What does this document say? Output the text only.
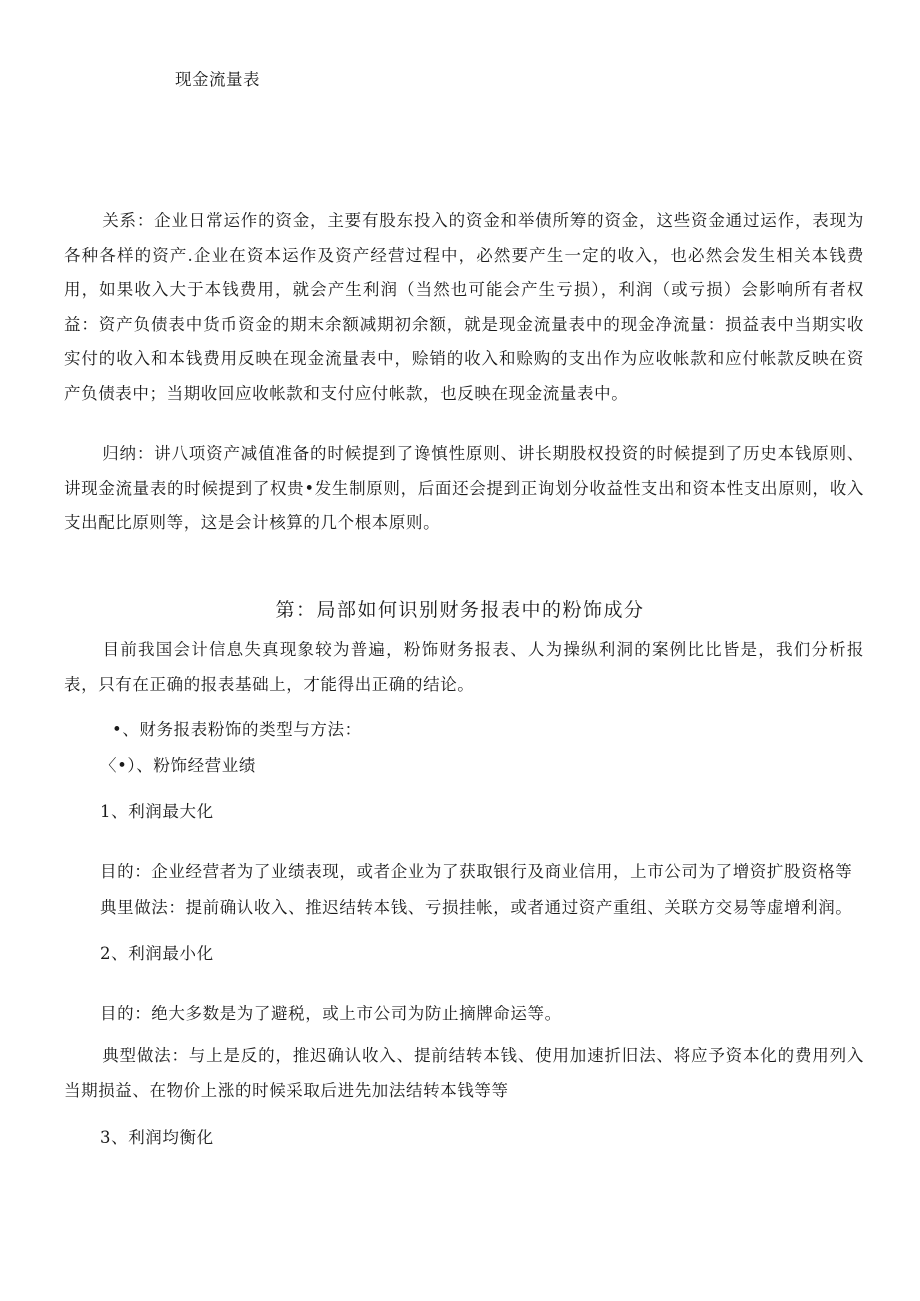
现金流量表

关系：企业日常运作的资金，主要有股东投入的资金和举债所筹的资金，这些资金通过运作，表现为各种各样的资产.企业在资本运作及资产经营过程中，必然要产生一定的收入，也必然会发生相关本钱费用，如果收入大于本钱费用，就会产生利润（当然也可能会产生亏损），利润（或亏损）会影响所有者权益：资产负债表中货币资金的期末余额减期初余额，就是现金流量表中的现金净流量：损益表中当期实收实付的收入和本钱费用反映在现金流量表中，赊销的收入和赊购的支出作为应收帐款和应付帐款反映在资产负债表中；当期收回应收帐款和支付应付帐款，也反映在现金流量表中。

归纳：讲八项资产减值准备的时候提到了谗慎性原则、讲长期股权投资的时候提到了历史本钱原则、讲现金流量表的时候提到了权贵•发生制原则，后面还会提到正询划分收益性支出和资本性支出原则，收入支出配比原则等，这是会计核算的几个根本原则。

第：局部如何识别财务报表中的粉饰成分

目前我国会计信息失真现象较为普遍，粉饰财务报表、人为操纵利洞的案例比比皆是，我们分析报表，只有在正确的报表基础上，才能得出正确的结论。

•、财务报表粉饰的类型与方法：
〈•）、粉饰经营业绩
1、利润最大化
目的：企业经营者为了业绩表现，或者企业为了获取银行及商业信用，上市公司为了增资扩股资格等
典里做法：提前确认收入、推迟结转本钱、亏损挂帐，或者通过资产重组、关联方交易等虚增利润。
2、利润最小化
目的：绝大多数是为了避税，或上市公司为防止摘牌命运等。

典型做法：与上是反的，推迟确认收入、提前结转本钱、使用加速折旧法、将应予资本化的费用列入当期损益、在物价上涨的时候采取后进先加法结转本钱等等

3、利润均衡化
